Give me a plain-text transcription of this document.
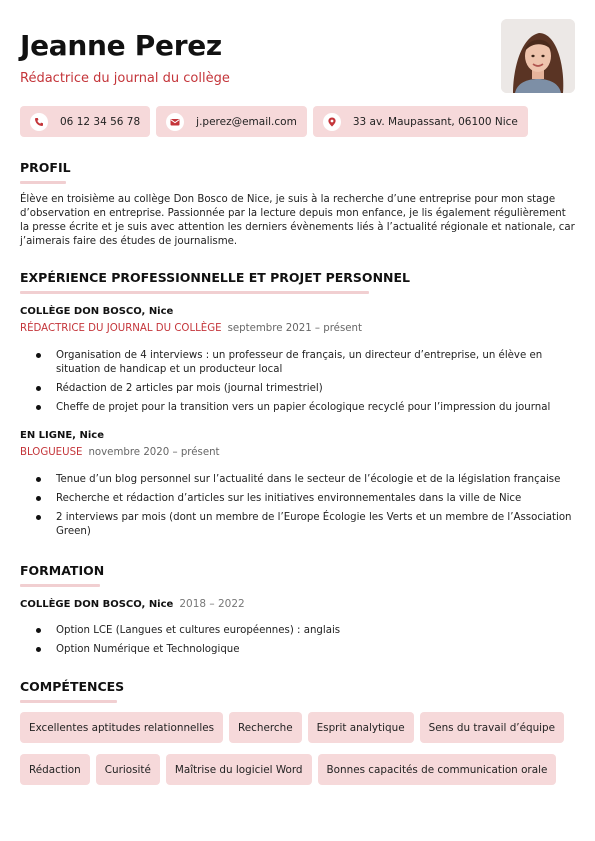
Jeanne Perez
Rédactrice du journal du collège
06 12 34 56 78	j.perez@email.com	33 av. Maupassant, 06100 Nice
PROFIL
Élève en troisième au collège Don Bosco de Nice, je suis à la recherche d’une entreprise pour mon stage d’observation en entreprise. Passionnée par la lecture depuis mon enfance, je lis également régulièrement la presse écrite et je suis avec attention les derniers évènements liés à l’actualité régionale et nationale, car j’aimerais faire des études de journalisme.
EXPÉRIENCE PROFESSIONNELLE ET PROJET PERSONNEL
COLLÈGE DON BOSCO, Nice
RÉDACTRICE DU JOURNAL DU COLLÈGE septembre 2021 – présent
Organisation de 4 interviews : un professeur de français, un directeur d’entreprise, un élève en situation de handicap et un producteur local
Rédaction de 2 articles par mois (journal trimestriel)
Cheffe de projet pour la transition vers un papier écologique recyclé pour l’impression du journal
EN LIGNE, Nice
BLOGUEUSE novembre 2020 – présent
Tenue d’un blog personnel sur l’actualité dans le secteur de l’écologie et de la législation française
Recherche et rédaction d’articles sur les initiatives environnementales dans la ville de Nice
2 interviews par mois (dont un membre de l’Europe Écologie les Verts et un membre de l’Association Green)
FORMATION
COLLÈGE DON BOSCO, Nice 2018 – 2022
Option LCE (Langues et cultures européennes) : anglais
Option Numérique et Technologique
COMPÉTENCES
Excellentes aptitudes relationnelles	Recherche	Esprit analytique	Sens du travail d’équipe
Rédaction	Curiosité	Maîtrise du logiciel Word	Bonnes capacités de communication orale
